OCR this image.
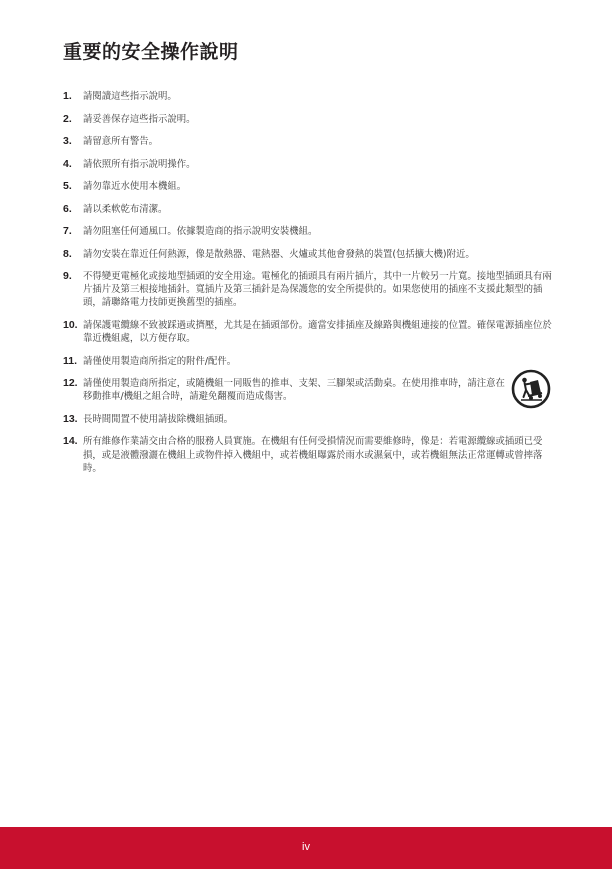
重要的安全操作說明
1.	請閱讀這些指示說明。
2.	請妥善保存這些指示說明。
3.	請留意所有警告。
4.	請依照所有指示說明操作。
5.	請勿靠近水使用本機組。
6.	請以柔軟乾布清潔。
7.	請勿阻塞任何通風口。依據製造商的指示說明安裝機組。
8.	請勿安裝在靠近任何熱源，像是散熱器、電熱器、火爐或其他會發熱的裝置(包括擴大機)附近。
9.	不得變更電極化或接地型插頭的安全用途。電極化的插頭具有兩片插片，其中一片較另一片寬。接地型插頭具有兩片插片及第三根接地插針。寬插片及第三插針是為保護您的安全所提供的。如果您使用的插座不支援此類型的插頭，請聯絡電力技師更換舊型的插座。
10. 請保護電纜線不致被踩過或擠壓，尤其是在插頭部份。適當安排插座及線路與機組連接的位置。確保電源插座位於靠近機組處，以方便存取。
11. 請僅使用製造商所指定的附件/配件。
12. 請僅使用製造商所指定，或隨機組一同販售的推車、支架、三腳架或活動桌。在使用推車時，請注意在移動推車/機組之組合時，請避免翻覆而造成傷害。
13. 長時間閒置不使用請拔除機組插頭。
14. 所有維修作業請交由合格的服務人員實施。在機組有任何受損情況而需要維修時，像是：若電源纜線或插頭已受損，或是液體潑灑在機組上或物件掉入機組中，或若機組曝露於雨水或濕氣中，或若機組無法正常運轉或曾摔落時。
iv
